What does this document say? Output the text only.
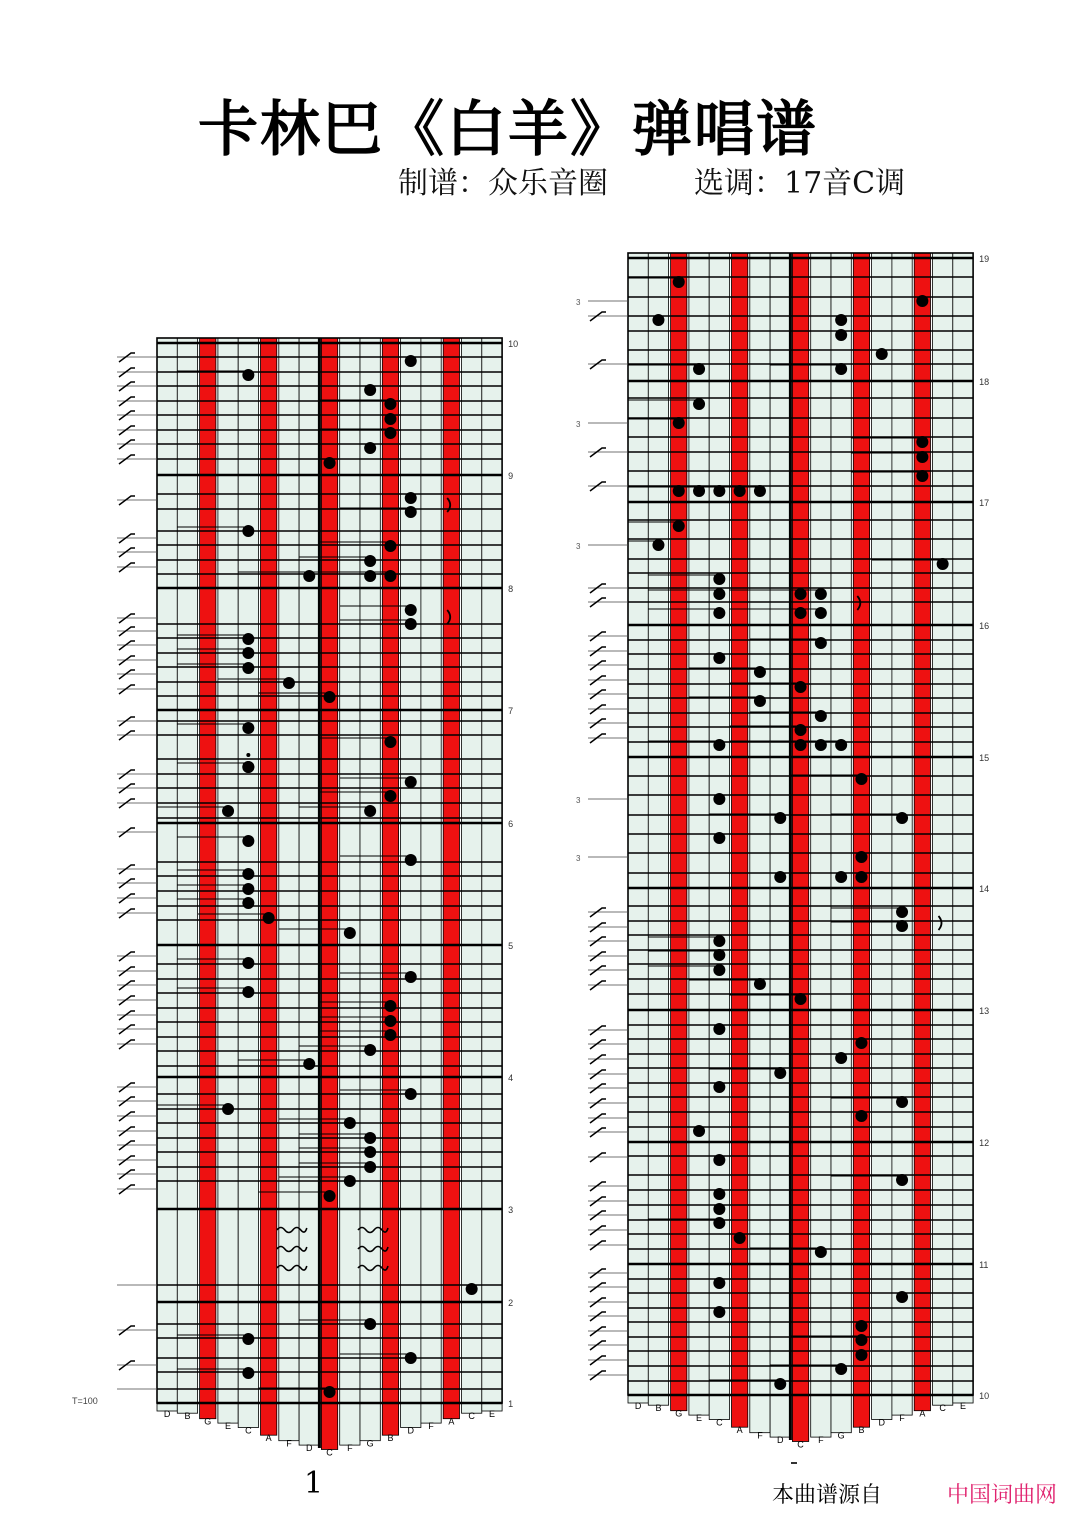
卡林巴《白羊》弹唱谱
制谱：众乐音圈	选调：17音C调
D B
G E C
A
F D C F G
B
D F A
C E
10
9
8
7
6
5
4
3
2
1	D B
G E C
A
F D C F G
B
D F A
C E
19
18
17
16
15
14
13
12
11
10
3
3
3
3
3
T=100
1	本曲谱源自	中国词曲网
